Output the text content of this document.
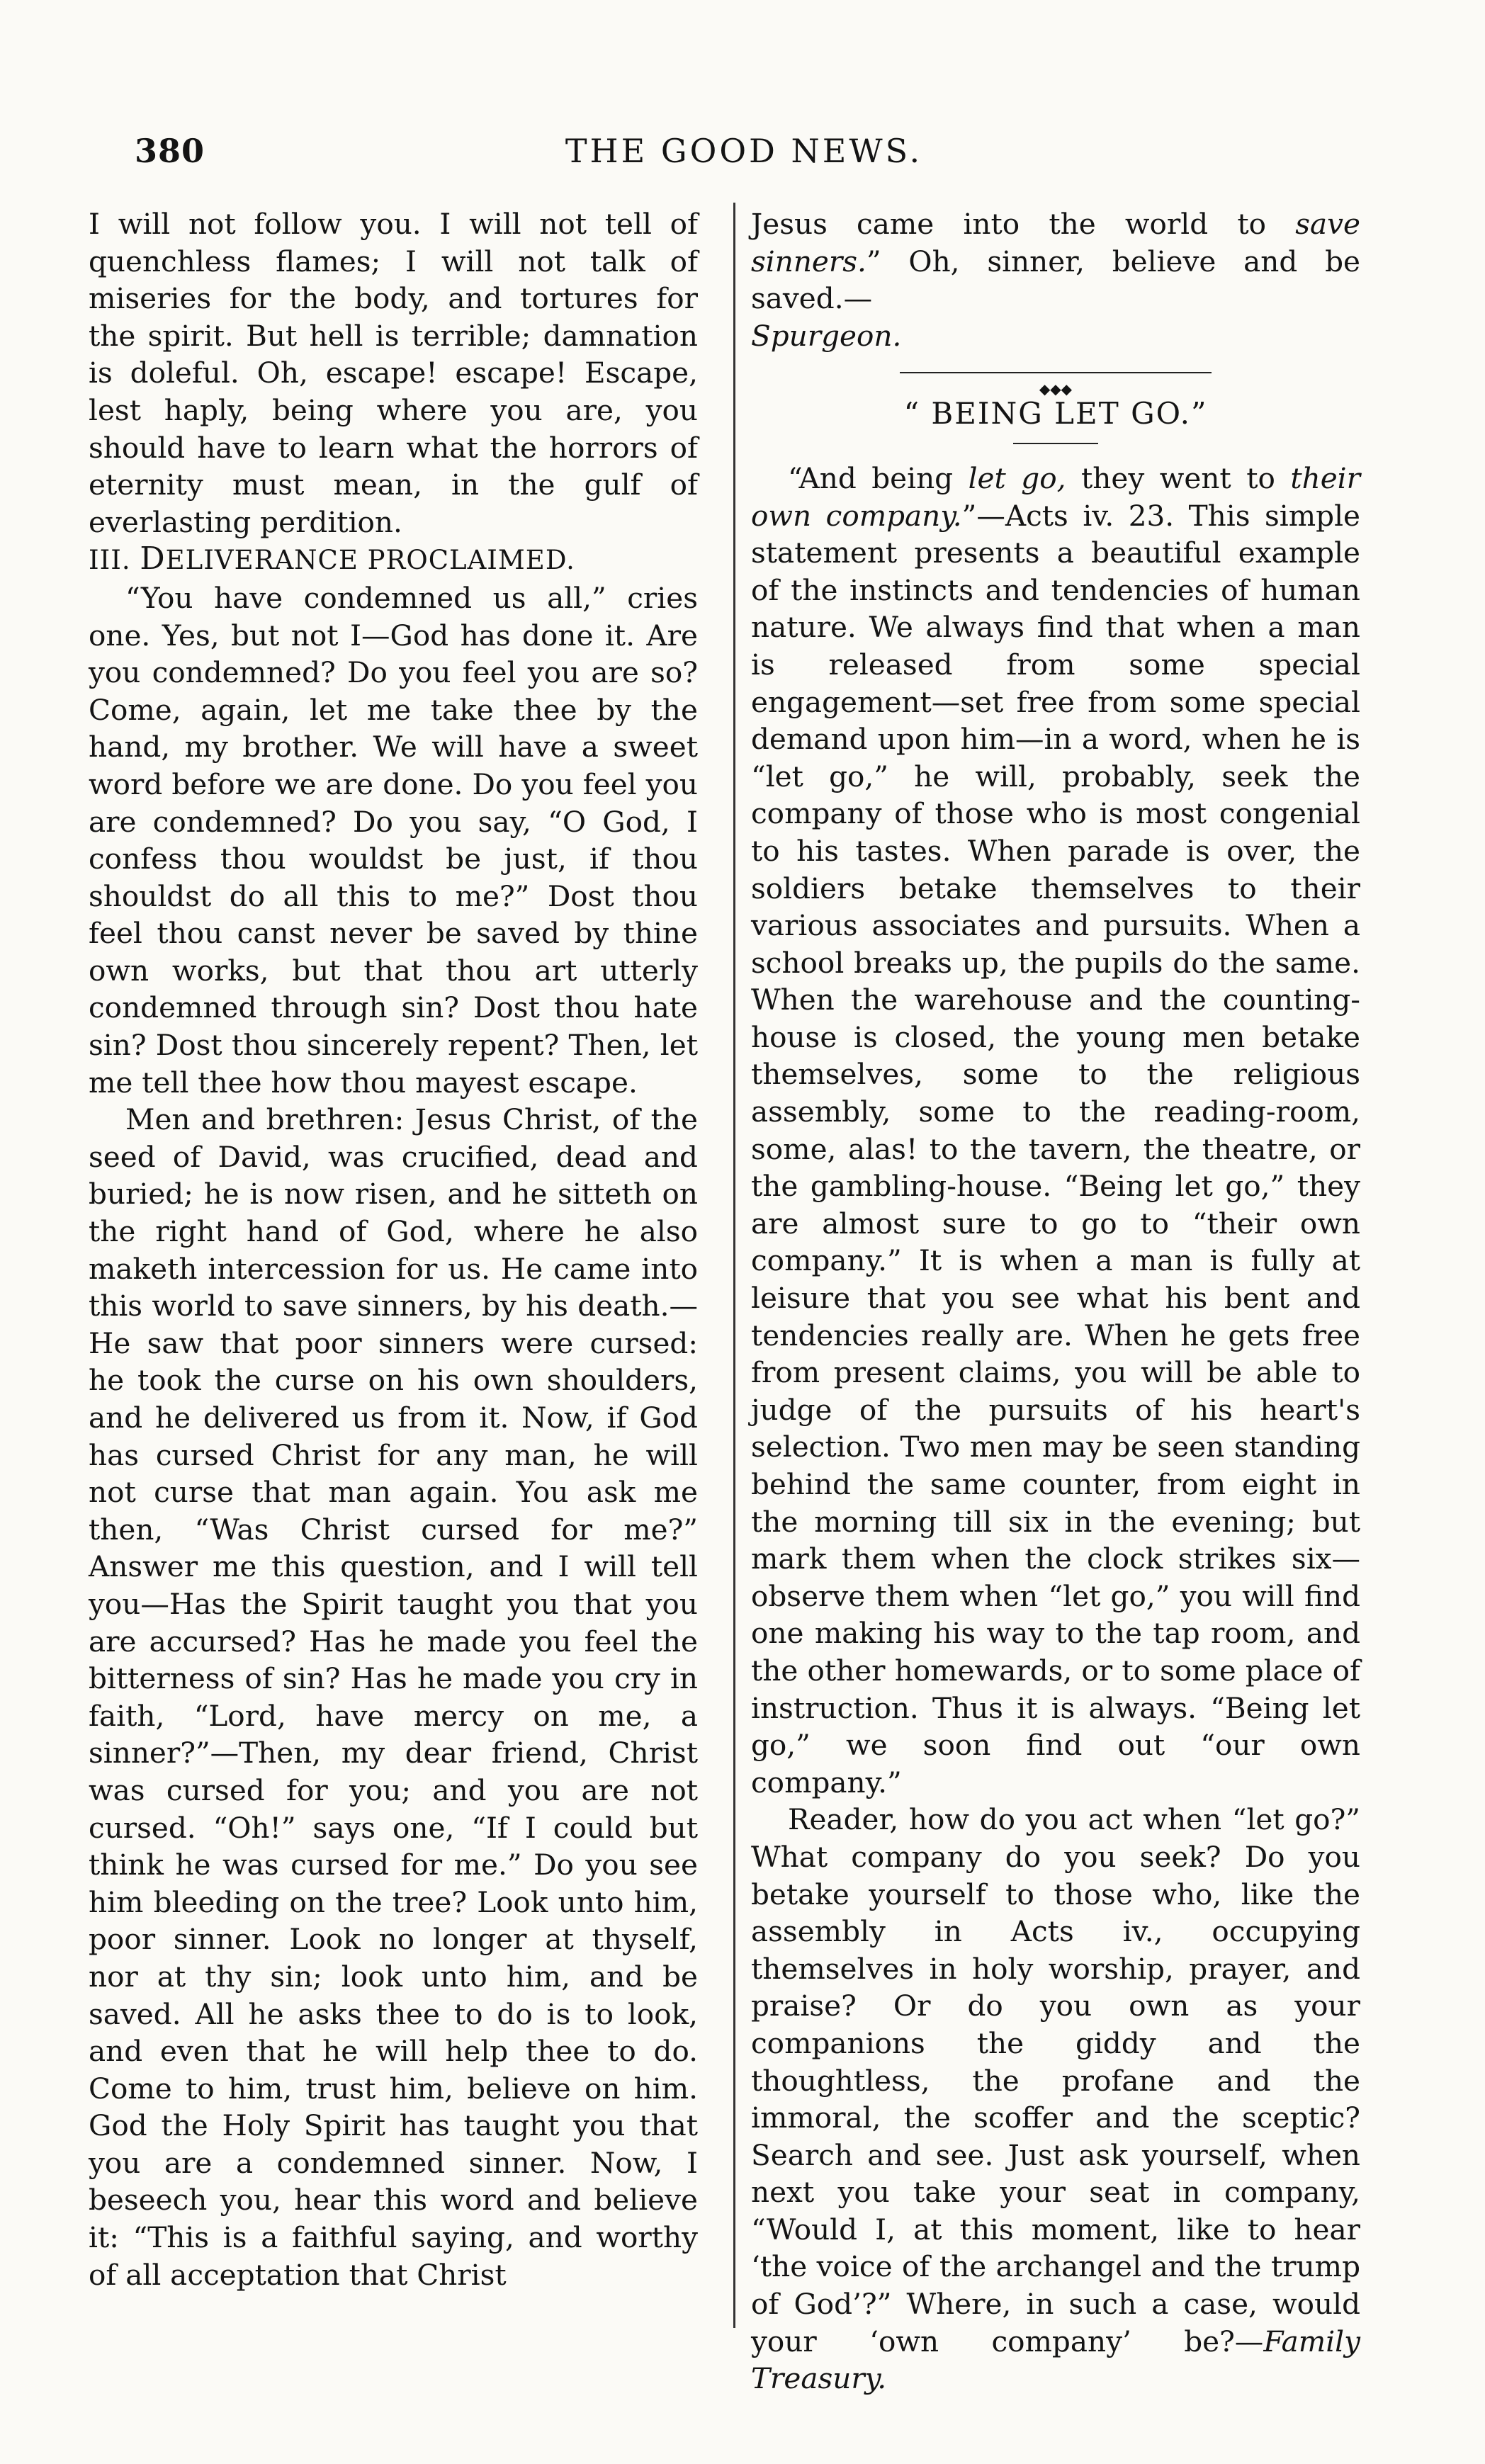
380	THE GOOD NEWS.

I will not follow you. I will not tell of quenchless flames; I will not talk of miseries for the body, and tortures for the spirit. But hell is terrible; damnation is doleful. Oh, escape! escape! Escape, lest haply, being where you are, you should have to learn what the horrors of eternity must mean, in the gulf of everlasting perdition.

III. DELIVERANCE PROCLAIMED.

“You have condemned us all,” cries one. Yes, but not I—God has done it. Are you condemned? Do you feel you are so? Come, again, let me take thee by the hand, my brother. We will have a sweet word before we are done. Do you feel you are condemned? Do you say, “O God, I confess thou wouldst be just, if thou shouldst do all this to me?” Dost thou feel thou canst never be saved by thine own works, but that thou art utterly condemned through sin? Dost thou hate sin? Dost thou sincerely repent? Then, let me tell thee how thou mayest escape.

Men and brethren: Jesus Christ, of the seed of David, was crucified, dead and buried; he is now risen, and he sitteth on the right hand of God, where he also maketh intercession for us. He came into this world to save sinners, by his death.—He saw that poor sinners were cursed: he took the curse on his own shoulders, and he delivered us from it. Now, if God has cursed Christ for any man, he will not curse that man again. You ask me then, “Was Christ cursed for me?” Answer me this question, and I will tell you—Has the Spirit taught you that you are accursed? Has he made you feel the bitterness of sin? Has he made you cry in faith, “Lord, have mercy on me, a sinner?”—Then, my dear friend, Christ was cursed for you; and you are not cursed. “Oh!” says one, “If I could but think he was cursed for me.” Do you see him bleeding on the tree? Look unto him, poor sinner. Look no longer at thyself, nor at thy sin; look unto him, and be saved. All he asks thee to do is to look, and even that he will help thee to do. Come to him, trust him, believe on him. God the Holy Spirit has taught you that you are a condemned sinner. Now, I beseech you, hear this word and believe it: “This is a faithful saying, and worthy of all acceptation that Christ

Jesus came into the world to save sinners.” Oh, sinner, believe and be saved.—
Spurgeon.

◆◆◆
“ BEING LET GO.”

“And being let go, they went to their own company.”—Acts iv. 23. This simple statement presents a beautiful example of the instincts and tendencies of human nature. We always find that when a man is released from some special engagement—set free from some special demand upon him—in a word, when he is “let go,” he will, probably, seek the company of those who is most congenial to his tastes. When parade is over, the soldiers betake themselves to their various associates and pursuits. When a school breaks up, the pupils do the same. When the warehouse and the counting-house is closed, the young men betake themselves, some to the religious assembly, some to the reading-room, some, alas! to the tavern, the theatre, or the gambling-house. “Being let go,” they are almost sure to go to “their own company.” It is when a man is fully at leisure that you see what his bent and tendencies really are. When he gets free from present claims, you will be able to judge of the pursuits of his heart's selection. Two men may be seen standing behind the same counter, from eight in the morning till six in the evening; but mark them when the clock strikes six—observe them when “let go,” you will find one making his way to the tap room, and the other homewards, or to some place of instruction. Thus it is always. “Being let go,” we soon find out “our own company.”

Reader, how do you act when “let go?” What company do you seek? Do you betake yourself to those who, like the assembly in Acts iv., occupying themselves in holy worship, prayer, and praise? Or do you own as your companions the giddy and the thoughtless, the profane and the immoral, the scoffer and the sceptic? Search and see. Just ask yourself, when next you take your seat in company, “Would I, at this moment, like to hear ‘the voice of the archangel and the trump of God’?” Where, in such a case, would your ‘own company’ be?—Family Treasury.
